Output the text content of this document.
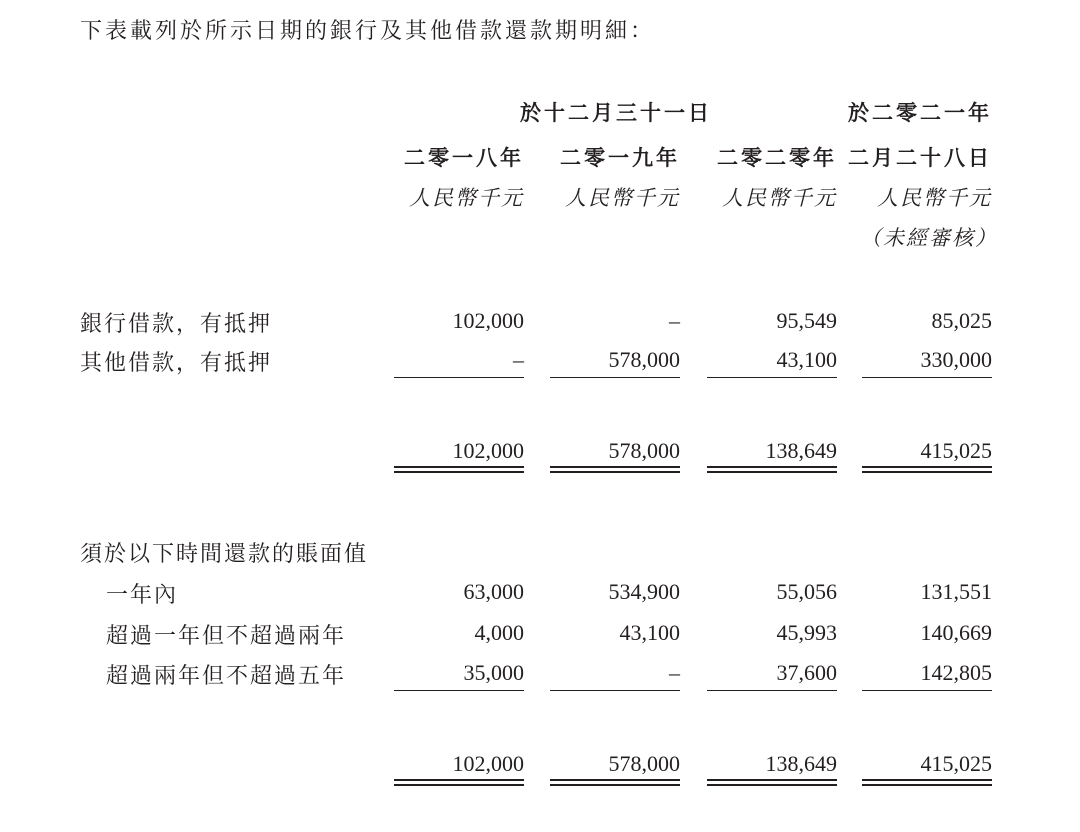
下表載列於所示日期的銀行及其他借款還款期明細：
於十二月三十一日	於二零二一年
二零一八年 二零一九年 二零二零年 二月二十八日
人民幣千元 人民幣千元 人民幣千元 人民幣千元
（未經審核）
銀行借款，有抵押	102,000	–	95,549	85,025
其他借款，有抵押	–	578,000	43,100	330,000
102,000	578,000	138,649	415,025
須於以下時間還款的賬面值
一年內	63,000	534,900	55,056	131,551
超過一年但不超過兩年	4,000	43,100	45,993	140,669
超過兩年但不超過五年	35,000	–	37,600	142,805
102,000	578,000	138,649	415,025
